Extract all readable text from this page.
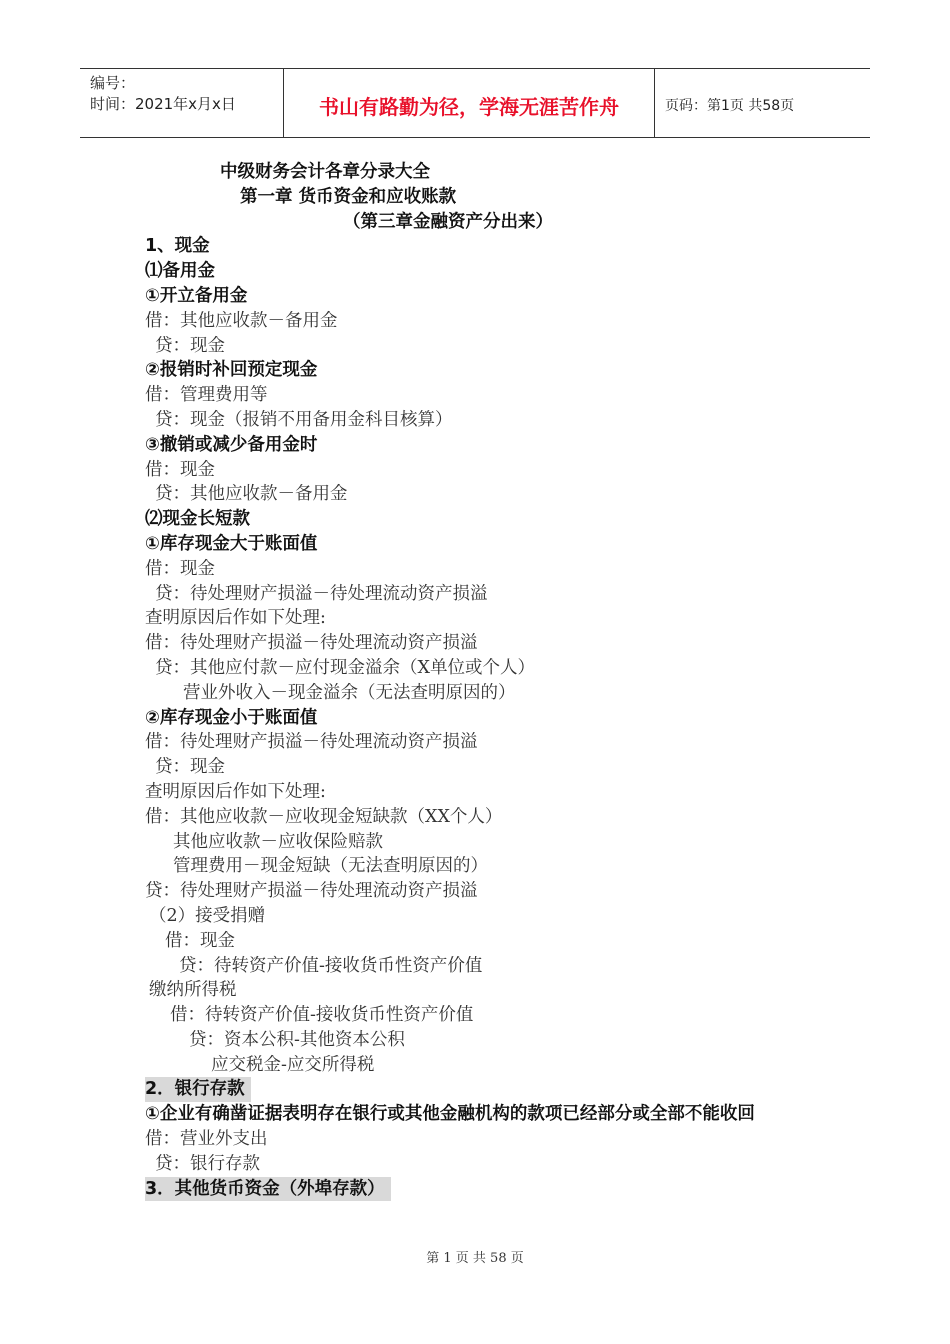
编号：
时间：2021年x月x日	书山有路勤为径，学海无涯苦作舟	页码：第1页 共58页
中级财务会计各章分录大全
第一章 货币资金和应收账款
（第三章金融资产分出来）
1、现金
⑴备用金
①开立备用金
借：其他应收款－备用金
贷：现金
②报销时补回预定现金
借：管理费用等
贷：现金（报销不用备用金科目核算）
③撤销或减少备用金时
借：现金
贷：其他应收款－备用金
⑵现金长短款
①库存现金大于账面值
借：现金
贷：待处理财产损溢－待处理流动资产损溢
查明原因后作如下处理:
借：待处理财产损溢－待处理流动资产损溢
贷：其他应付款－应付现金溢余（X单位或个人）
营业外收入－现金溢余（无法查明原因的）
②库存现金小于账面值
借：待处理财产损溢－待处理流动资产损溢
贷：现金
查明原因后作如下处理:
借：其他应收款－应收现金短缺款（XX个人）
其他应收款－应收保险赔款
管理费用－现金短缺（无法查明原因的）
贷：待处理财产损溢－待处理流动资产损溢
（2）接受捐赠
借：现金
贷：待转资产价值-接收货币性资产价值
缴纳所得税
借：待转资产价值-接收货币性资产价值
贷：资本公积-其他资本公积
应交税金-应交所得税
2．银行存款
①企业有确凿证据表明存在银行或其他金融机构的款项已经部分或全部不能收回
借：营业外支出
贷：银行存款
3．其他货币资金（外埠存款）
第 1 页 共 58 页
